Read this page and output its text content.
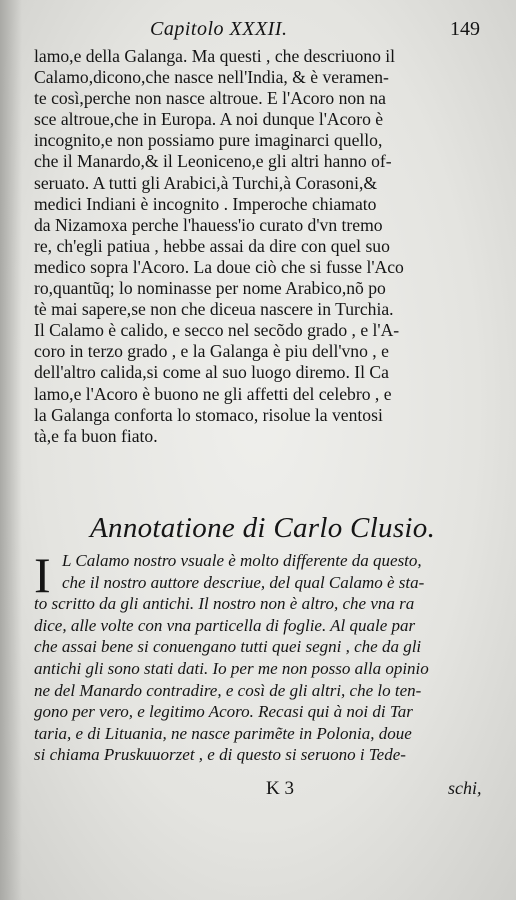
Capitolo XXXII.	149
lamo,e della Galanga. Ma questi , che descriuono il
Calamo,dicono,che nasce nell'India, & è veramen-
te così,perche non nasce altroue. E l'Acoro non na
sce altroue,che in Europa. A noi dunque l'Acoro è
incognito,e non possiamo pure imaginarci quello,
che il Manardo,& il Leoniceno,e gli altri hanno of-
seruato. A tutti gli Arabici,à Turchi,à Corasoni,&
medici Indiani è incognito . Imperoche chiamato
da Nizamoxa perche l'hauess'io curato d'vn tremo
re, ch'egli patiua , hebbe assai da dire con quel suo
medico sopra l'Acoro. La doue ciò che si fusse l'Aco
ro,quantũq; lo nominasse per nome Arabico,nõ po
tè mai sapere,se non che diceua nascere in Turchia.
Il Calamo è calido, e secco nel secõdo grado , e l'A-
coro in terzo grado , e la Galanga è piu dell'vno , e
dell'altro calida,si come al suo luogo diremo. Il Ca
lamo,e l'Acoro è buono ne gli affetti del celebro , e
la Galanga conforta lo stomaco, risolue la ventosi
tà,e fa buon fiato.
Annotatione di Carlo Clusio.
I L Calamo nostro vsuale è molto differente da questo,
che il nostro auttore descriue, del qual Calamo è sta-
to scritto da gli antichi. Il nostro non è altro, che vna ra
dice, alle volte con vna particella di foglie. Al quale par
che assai bene si conuengano tutti quei segni , che da gli
antichi gli sono stati dati. Io per me non posso alla opinio
ne del Manardo contradire, e così de gli altri, che lo ten-
gono per vero, e legitimo Acoro. Recasi qui à noi di Tar
taria, e di Lituania, ne nasce parimẽte in Polonia, doue
si chiama Pruskuuorzet , e di questo si seruono i Tede-
K 3	schi,
